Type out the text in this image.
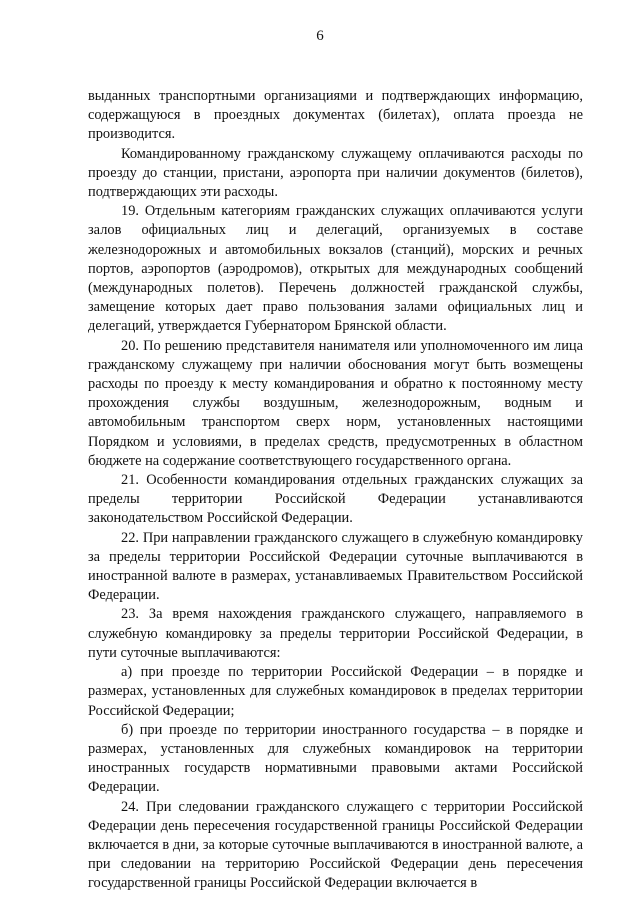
6

выданных транспортными организациями и подтверждающих информацию, содержащуюся в проездных документах (билетах), оплата проезда не производится.

Командированному гражданскому служащему оплачиваются расходы по проезду до станции, пристани, аэропорта при наличии документов (билетов), подтверждающих эти расходы.

19. Отдельным категориям гражданских служащих оплачиваются услуги залов официальных лиц и делегаций, организуемых в составе железнодорожных и автомобильных вокзалов (станций), морских и речных портов, аэропортов (аэродромов), открытых для международных сообщений (международных полетов). Перечень должностей гражданской службы, замещение которых дает право пользования залами официальных лиц и делегаций, утверждается Губернатором Брянской области.

20. По решению представителя нанимателя или уполномоченного им лица гражданскому служащему при наличии обоснования могут быть возмещены расходы по проезду к месту командирования и обратно к постоянному месту прохождения службы воздушным, железнодорожным, водным и автомобильным транспортом сверх норм, установленных настоящими Порядком и условиями, в пределах средств, предусмотренных в областном бюджете на содержание соответствующего государственного органа.

21. Особенности командирования отдельных гражданских служащих за пределы территории Российской Федерации устанавливаются законодательством Российской Федерации.

22. При направлении гражданского служащего в служебную командировку за пределы территории Российской Федерации суточные выплачиваются в иностранной валюте в размерах, устанавливаемых Правительством Российской Федерации.

23. За время нахождения гражданского служащего, направляемого в служебную командировку за пределы территории Российской Федерации, в пути суточные выплачиваются:

а) при проезде по территории Российской Федерации – в порядке и размерах, установленных для служебных командировок в пределах территории Российской Федерации;

б) при проезде по территории иностранного государства – в порядке и размерах, установленных для служебных командировок на территории иностранных государств нормативными правовыми актами Российской Федерации.

24. При следовании гражданского служащего с территории Российской Федерации день пересечения государственной границы Российской Федерации включается в дни, за которые суточные выплачиваются в иностранной валюте, а при следовании на территорию Российской Федерации день пересечения государственной границы Российской Федерации включается в
